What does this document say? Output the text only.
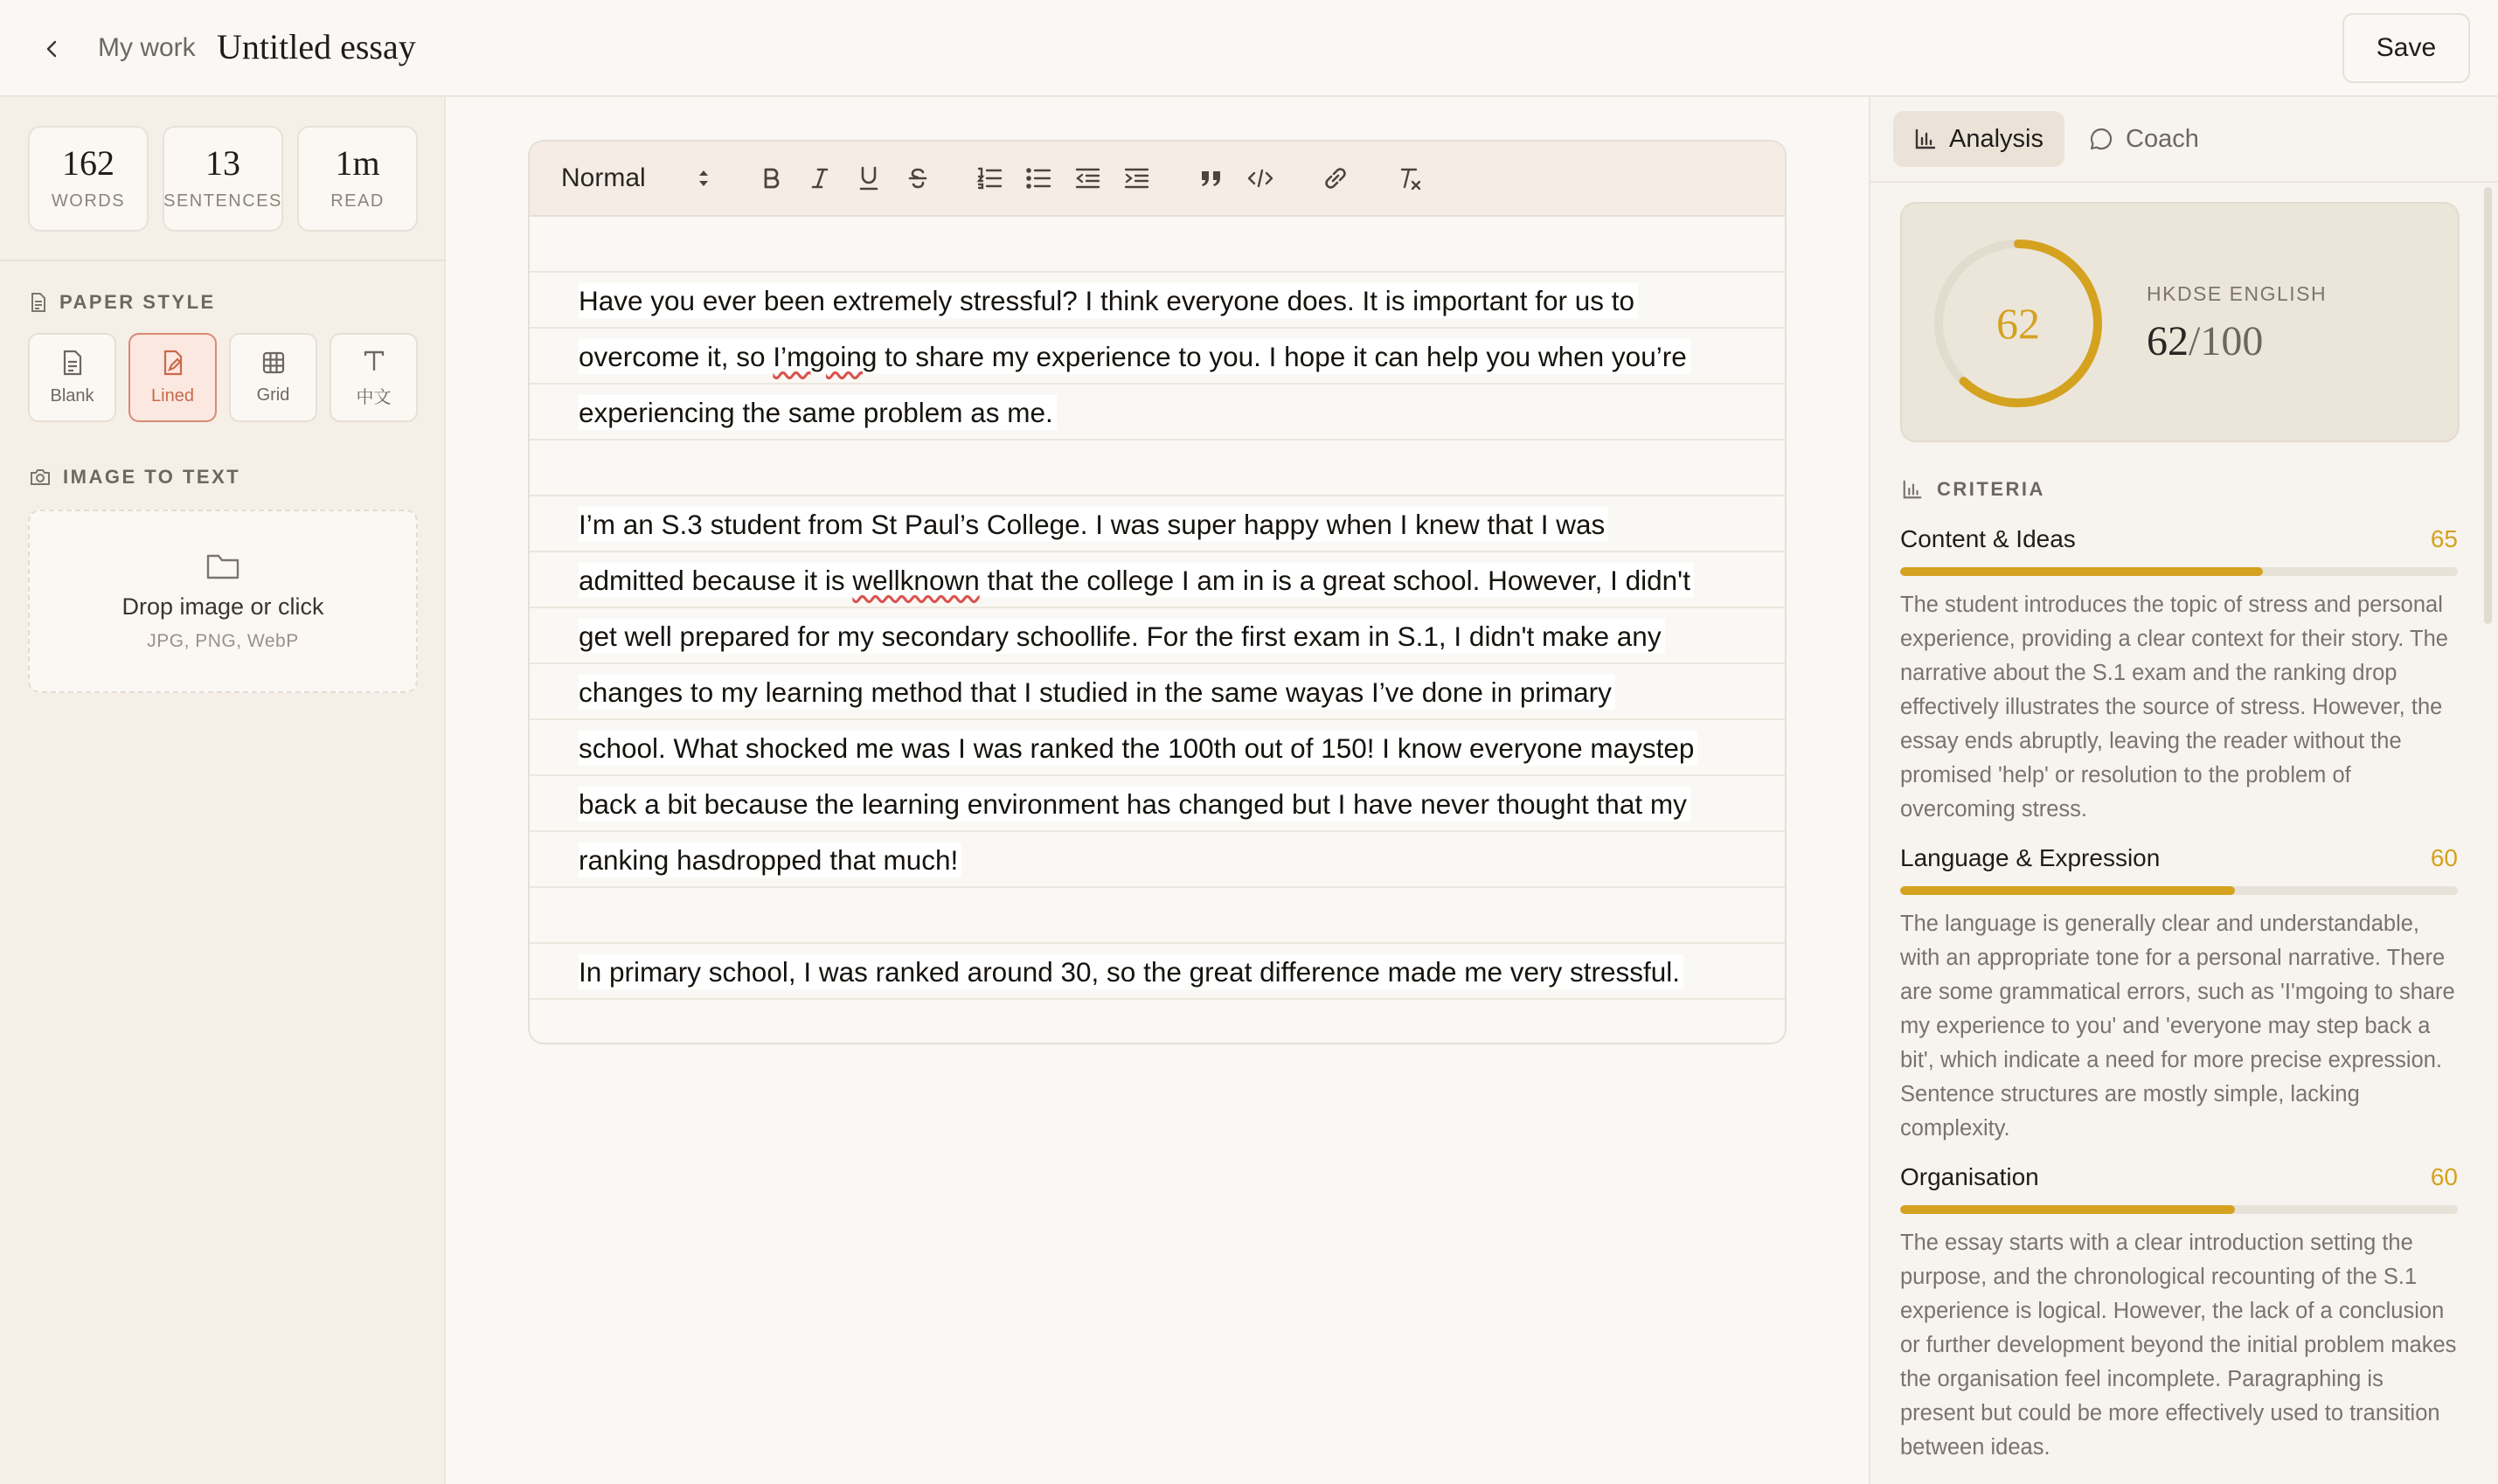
My work Untitled essay	Save
162
WORDS
13
SENTENCES
1m
READ
PAPER STYLE
Blank	Lined	Grid	中文
IMAGE TO TEXT
Drop image or click
JPG, PNG, WebP
Normal
Have you ever been extremely stressful? I think everyone does. It is important for us to
overcome it, so I’mgoing to share my experience to you. I hope it can help you when you’re
experiencing the same problem as me.
I’m an S.3 student from St Paul’s College. I was super happy when I knew that I was
admitted because it is wellknown that the college I am in is a great school. However, I didn't
get well prepared for my secondary schoollife. For the first exam in S.1, I didn't make any
changes to my learning method that I studied in the same wayas I’ve done in primary
school. What shocked me was I was ranked the 100th out of 150! I know everyone maystep
back a bit because the learning environment has changed but I have never thought that my
ranking hasdropped that much!
In primary school, I was ranked around 30, so the great difference made me very stressful.
Analysis	Coach
62
HKDSE ENGLISH
62/100
CRITERIA
Content & Ideas	65
The student introduces the topic of stress and personal experience, providing a clear context for their story. The narrative about the S.1 exam and the ranking drop effectively illustrates the source of stress. However, the essay ends abruptly, leaving the reader without the promised 'help' or resolution to the problem of overcoming stress.
Language & Expression	60
The language is generally clear and understandable, with an appropriate tone for a personal narrative. There are some grammatical errors, such as 'I'mgoing to share my experience to you' and 'everyone may step back a bit', which indicate a need for more precise expression. Sentence structures are mostly simple, lacking complexity.
Organisation	60
The essay starts with a clear introduction setting the purpose, and the chronological recounting of the S.1 experience is logical. However, the lack of a conclusion or further development beyond the initial problem makes the organisation feel incomplete. Paragraphing is present but could be more effectively used to transition between ideas.
